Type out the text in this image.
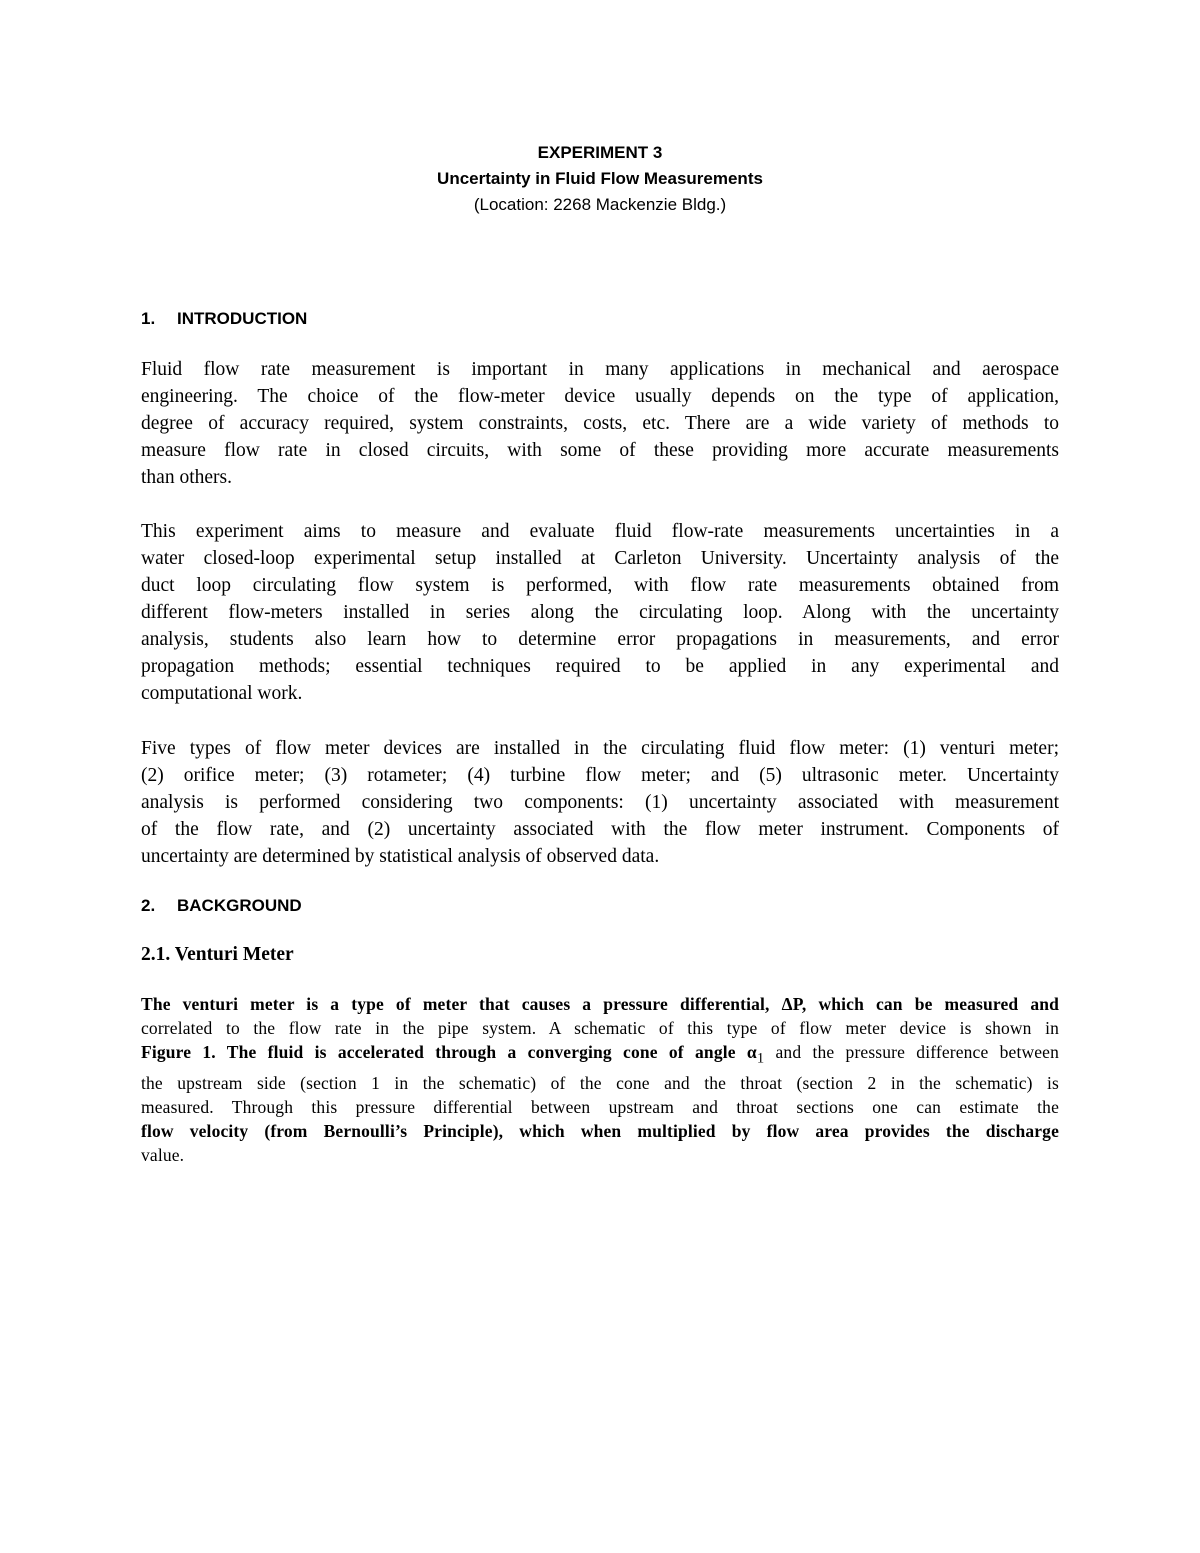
EXPERIMENT 3
Uncertainty in Fluid Flow Measurements
(Location: 2268 Mackenzie Bldg.)
1. INTRODUCTION
Fluid flow rate measurement is important in many applications in mechanical and aerospace
engineering. The choice of the flow-meter device usually depends on the type of application,
degree of accuracy required, system constraints, costs, etc. There are a wide variety of methods to
measure flow rate in closed circuits, with some of these providing more accurate measurements
than others.
This experiment aims to measure and evaluate fluid flow-rate measurements uncertainties in a
water closed-loop experimental setup installed at Carleton University. Uncertainty analysis of the
duct loop circulating flow system is performed, with flow rate measurements obtained from
different flow-meters installed in series along the circulating loop. Along with the uncertainty
analysis, students also learn how to determine error propagations in measurements, and error
propagation methods; essential techniques required to be applied in any experimental and
computational work.
Five types of flow meter devices are installed in the circulating fluid flow meter: (1) venturi meter;
(2) orifice meter; (3) rotameter; (4) turbine flow meter; and (5) ultrasonic meter. Uncertainty
analysis is performed considering two components: (1) uncertainty associated with measurement
of the flow rate, and (2) uncertainty associated with the flow meter instrument. Components of
uncertainty are determined by statistical analysis of observed data.
2. BACKGROUND
2.1. Venturi Meter
The venturi meter is a type of meter that causes a pressure differential, ΔP, which can be measured and
correlated to the flow rate in the pipe system. A schematic of this type of flow meter device is shown in
Figure 1. The fluid is accelerated through a converging cone of angle $\alpha_1$ and the pressure difference between
the upstream side (section 1 in the schematic) of the cone and the throat (section 2 in the schematic) is
measured. Through this pressure differential between upstream and throat sections one can estimate the
flow velocity (from Bernoulli’s Principle), which when multiplied by flow area provides the discharge
value.
